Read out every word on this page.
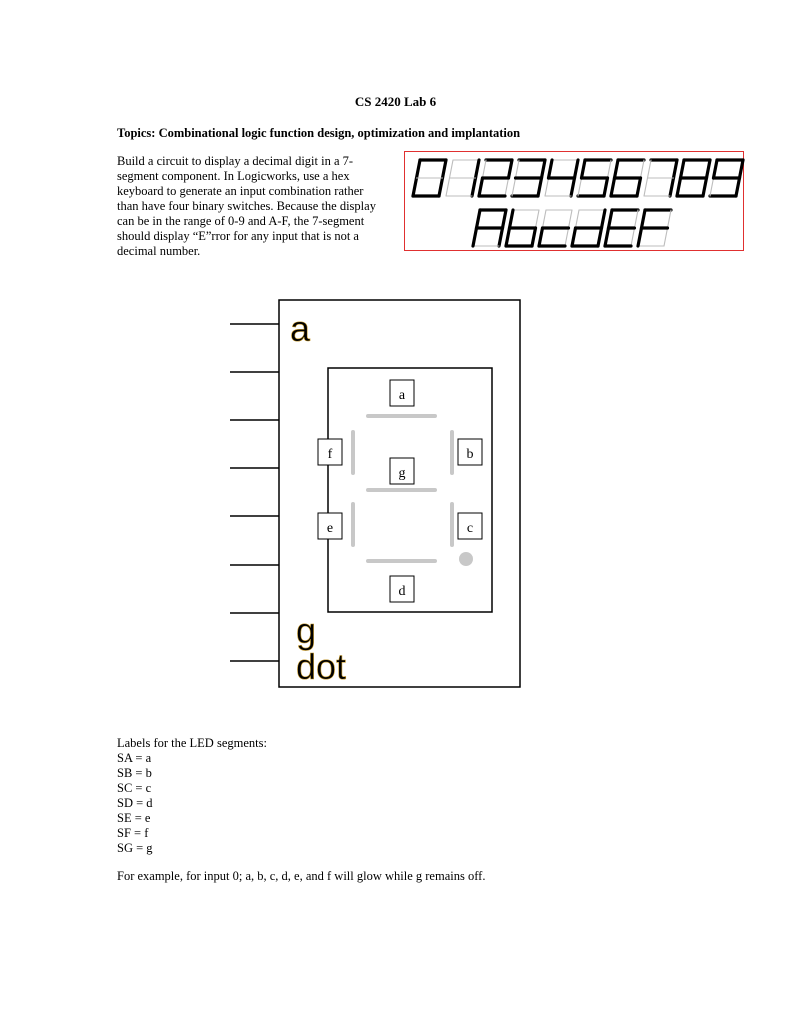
CS 2420 Lab 6
Topics: Combinational logic function design, optimization and implantation
Build a circuit to display a decimal digit in a 7-
segment component. In Logicworks, use a hex
keyboard to generate an input combination rather
than have four binary switches. Because the display
can be in the range of 0-9 and A-F, the 7-segment
should display “E”rror for any input that is not a
decimal number.
a
g
dot
a
b
c
d
e
f
g
Labels for the LED segments:
SA = a
SB = b
SC = c
SD = d
SE = e
SF = f
SG = g
For example, for input 0; a, b, c, d, e, and f will glow while g remains off.
